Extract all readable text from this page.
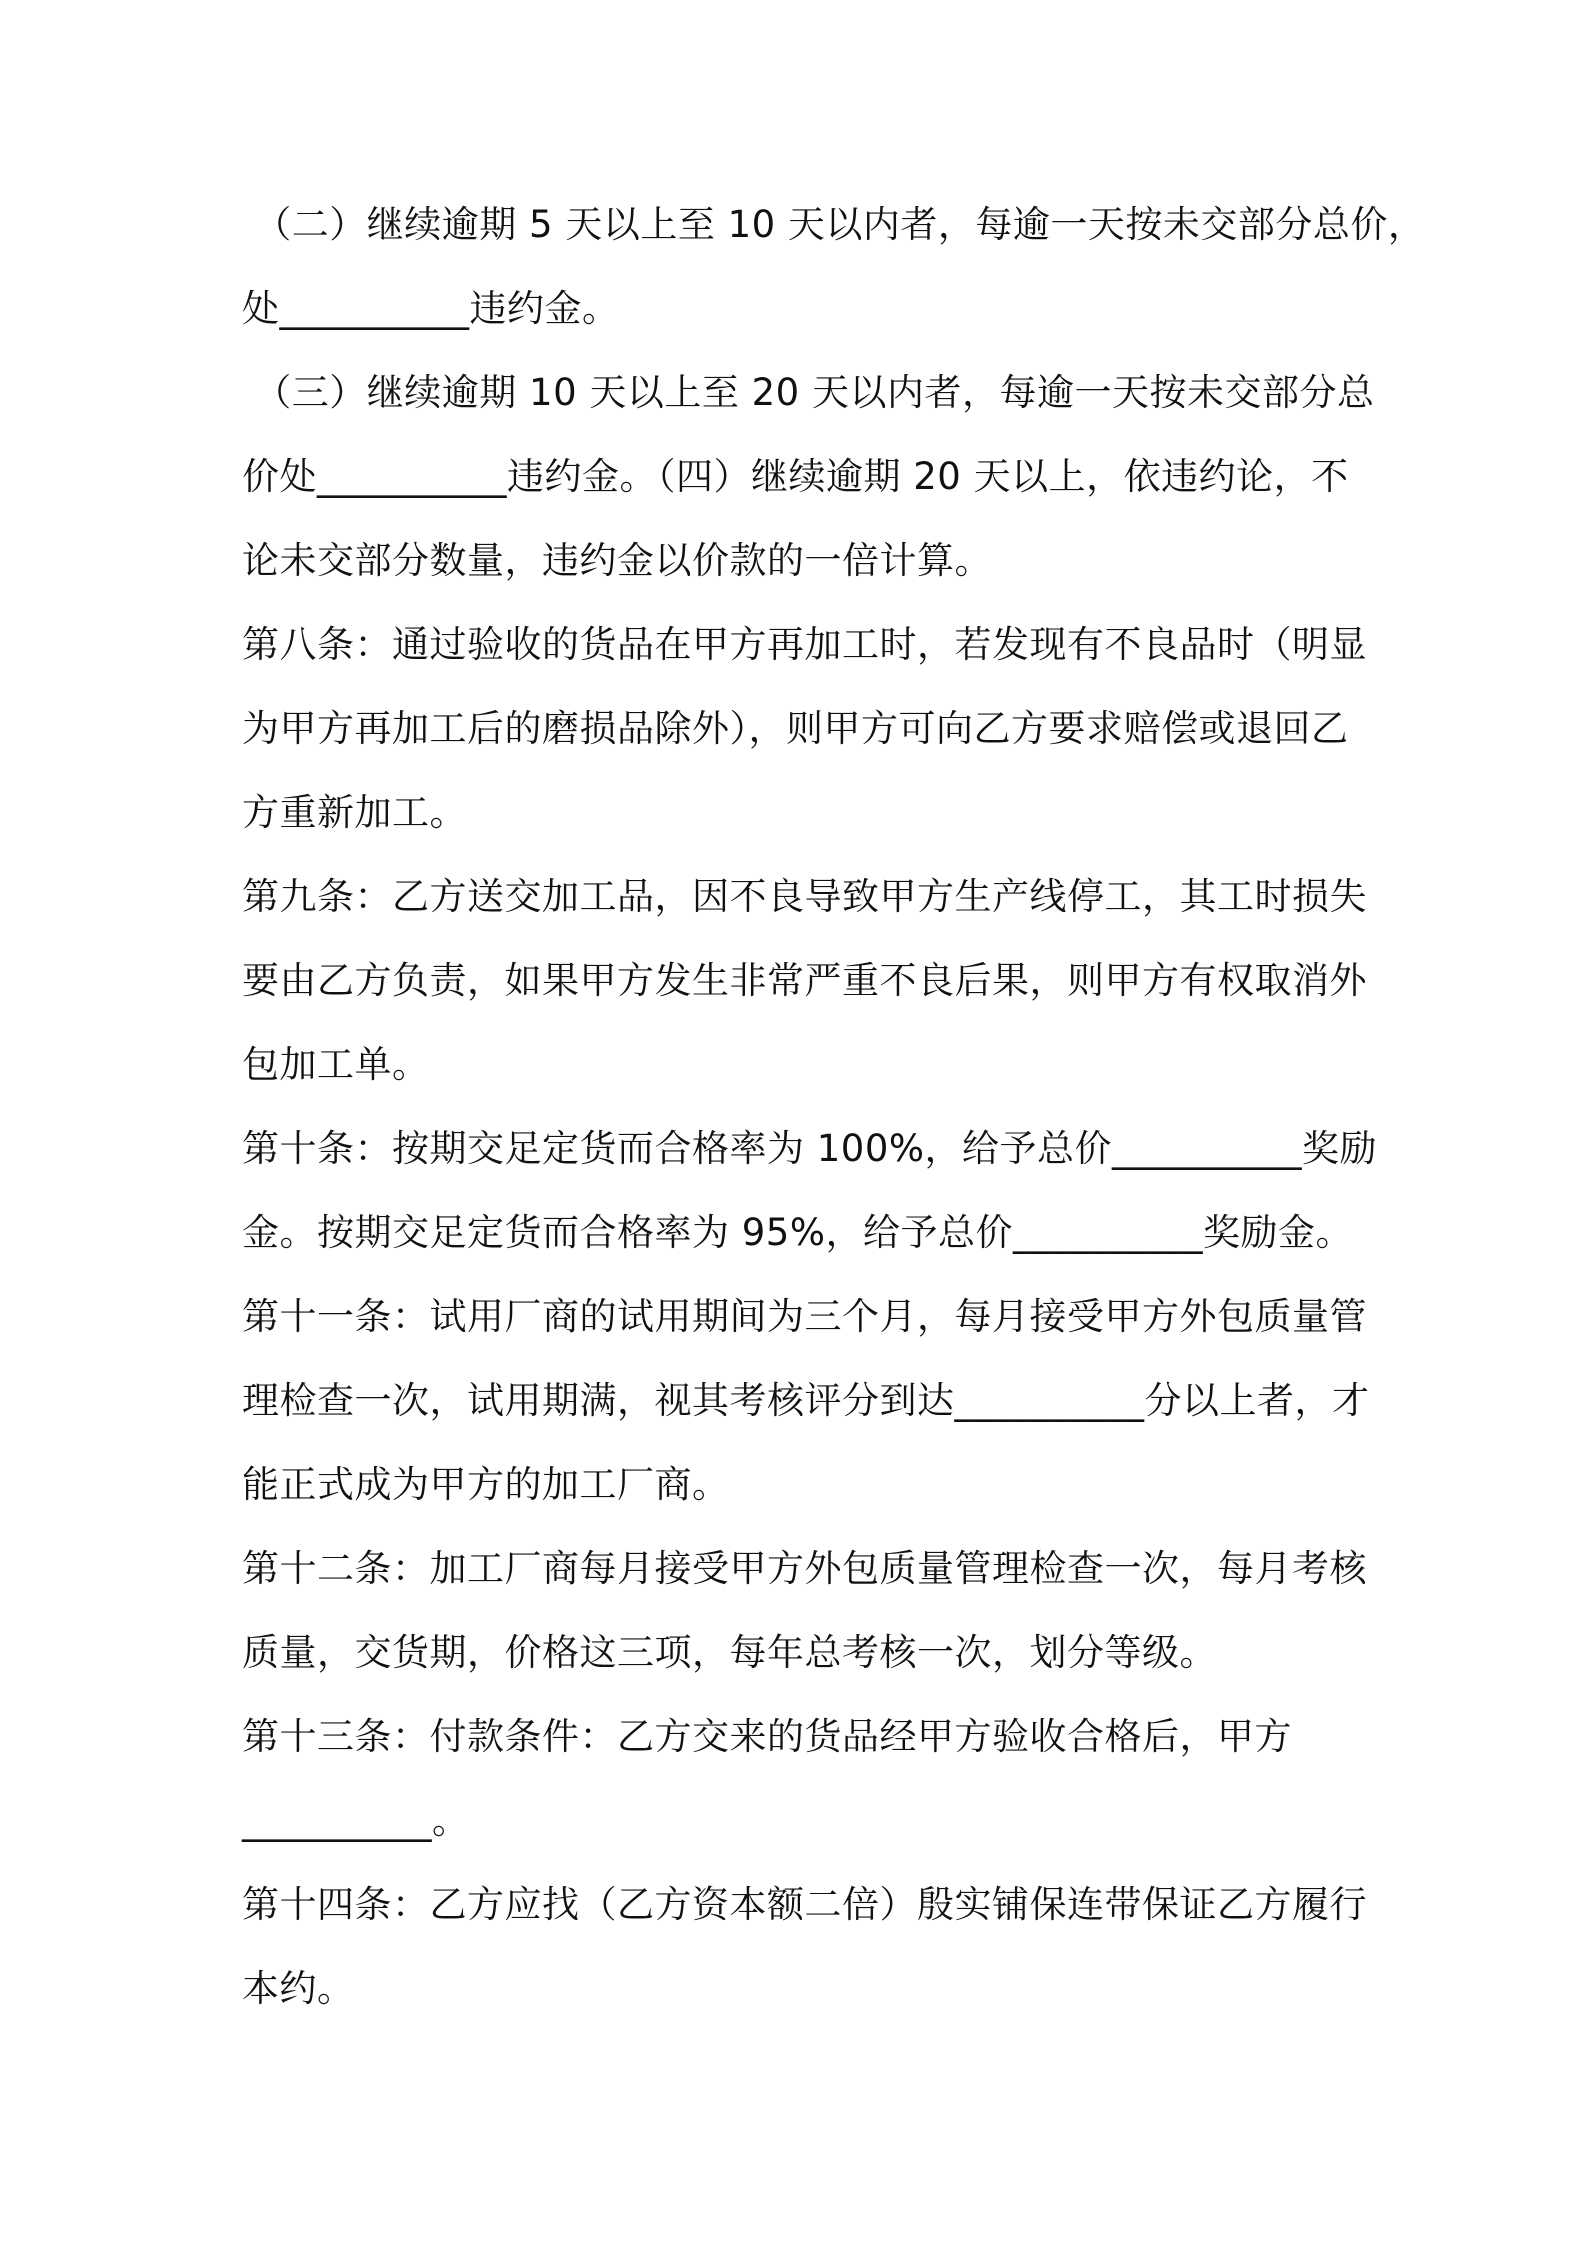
（二）继续逾期 5 天以上至 10 天以内者，每逾一天按未交部分总价，
处__________违约金。
（三）继续逾期 10 天以上至 20 天以内者，每逾一天按未交部分总
价处__________违约金。（四）继续逾期 20 天以上，依违约论，不
论未交部分数量，违约金以价款的一倍计算。
第八条：通过验收的货品在甲方再加工时，若发现有不良品时（明显
为甲方再加工后的磨损品除外），则甲方可向乙方要求赔偿或退回乙
方重新加工。
第九条：乙方送交加工品，因不良导致甲方生产线停工，其工时损失
要由乙方负责，如果甲方发生非常严重不良后果，则甲方有权取消外
包加工单。
第十条：按期交足定货而合格率为 100%，给予总价__________奖励
金。按期交足定货而合格率为 95%，给予总价__________奖励金。
第十一条：试用厂商的试用期间为三个月，每月接受甲方外包质量管
理检查一次，试用期满，视其考核评分到达__________分以上者，才
能正式成为甲方的加工厂商。
第十二条：加工厂商每月接受甲方外包质量管理检查一次，每月考核
质量，交货期，价格这三项，每年总考核一次，划分等级。
第十三条：付款条件：乙方交来的货品经甲方验收合格后，甲方
__________。
第十四条：乙方应找（乙方资本额二倍）殷实铺保连带保证乙方履行
本约。
